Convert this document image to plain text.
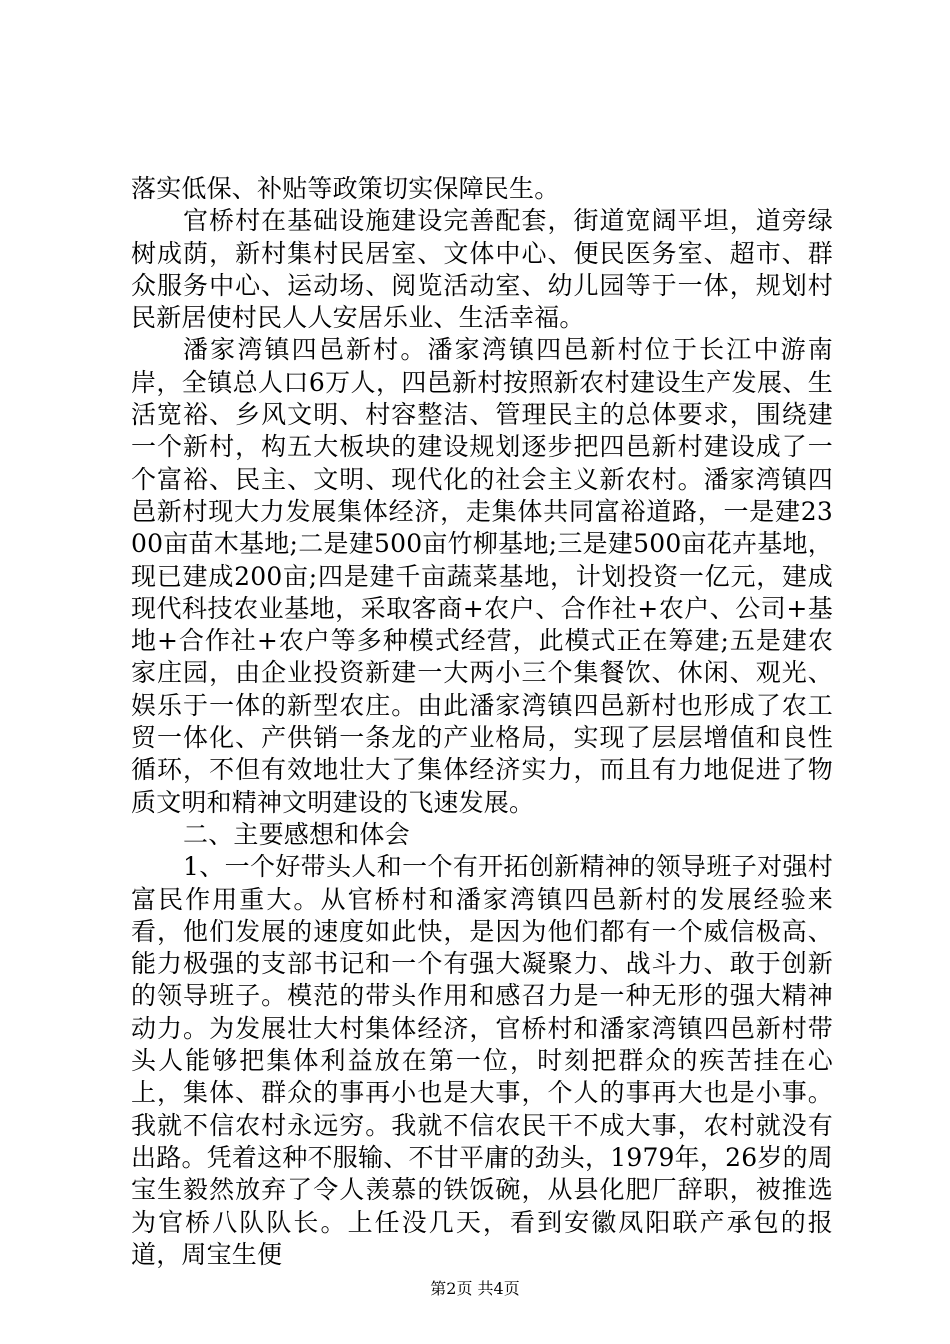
落实低保、补贴等政策切实保障民生。

官桥村在基础设施建设完善配套，街道宽阔平坦，道旁绿树成荫，新村集村民居室、文体中心、便民医务室、超市、群众服务中心、运动场、阅览活动室、幼儿园等于一体，规划村民新居使村民人人安居乐业、生活幸福。

潘家湾镇四邑新村。潘家湾镇四邑新村位于长江中游南岸，全镇总人口6万人，四邑新村按照新农村建设生产发展、生活宽裕、乡风文明、村容整洁、管理民主的总体要求，围绕建一个新村，构五大板块的建设规划逐步把四邑新村建设成了一个富裕、民主、文明、现代化的社会主义新农村。潘家湾镇四邑新村现大力发展集体经济，走集体共同富裕道路，一是建2300亩苗木基地;二是建500亩竹柳基地;三是建500亩花卉基地，现已建成200亩;四是建千亩蔬菜基地，计划投资一亿元，建成现代科技农业基地，采取客商+农户、合作社+农户、公司+基地+合作社+农户等多种模式经营，此模式正在筹建;五是建农家庄园，由企业投资新建一大两小三个集餐饮、休闲、观光、娱乐于一体的新型农庄。由此潘家湾镇四邑新村也形成了农工贸一体化、产供销一条龙的产业格局，实现了层层增值和良性循环，不但有效地壮大了集体经济实力，而且有力地促进了物质文明和精神文明建设的飞速发展。

二、主要感想和体会

1、一个好带头人和一个有开拓创新精神的领导班子对强村富民作用重大。从官桥村和潘家湾镇四邑新村的发展经验来看，他们发展的速度如此快，是因为他们都有一个威信极高、能力极强的支部书记和一个有强大凝聚力、战斗力、敢于创新的领导班子。模范的带头作用和感召力是一种无形的强大精神动力。为发展壮大村集体经济，官桥村和潘家湾镇四邑新村带头人能够把集体利益放在第一位，时刻把群众的疾苦挂在心上，集体、群众的事再小也是大事，个人的事再大也是小事。我就不信农村永远穷。我就不信农民干不成大事，农村就没有出路。凭着这种不服输、不甘平庸的劲头，1979年，26岁的周宝生毅然放弃了令人羡慕的铁饭碗，从县化肥厂辞职，被推选为官桥八队队长。上任没几天，看到安徽凤阳联产承包的报道，周宝生便

第2页 共4页
